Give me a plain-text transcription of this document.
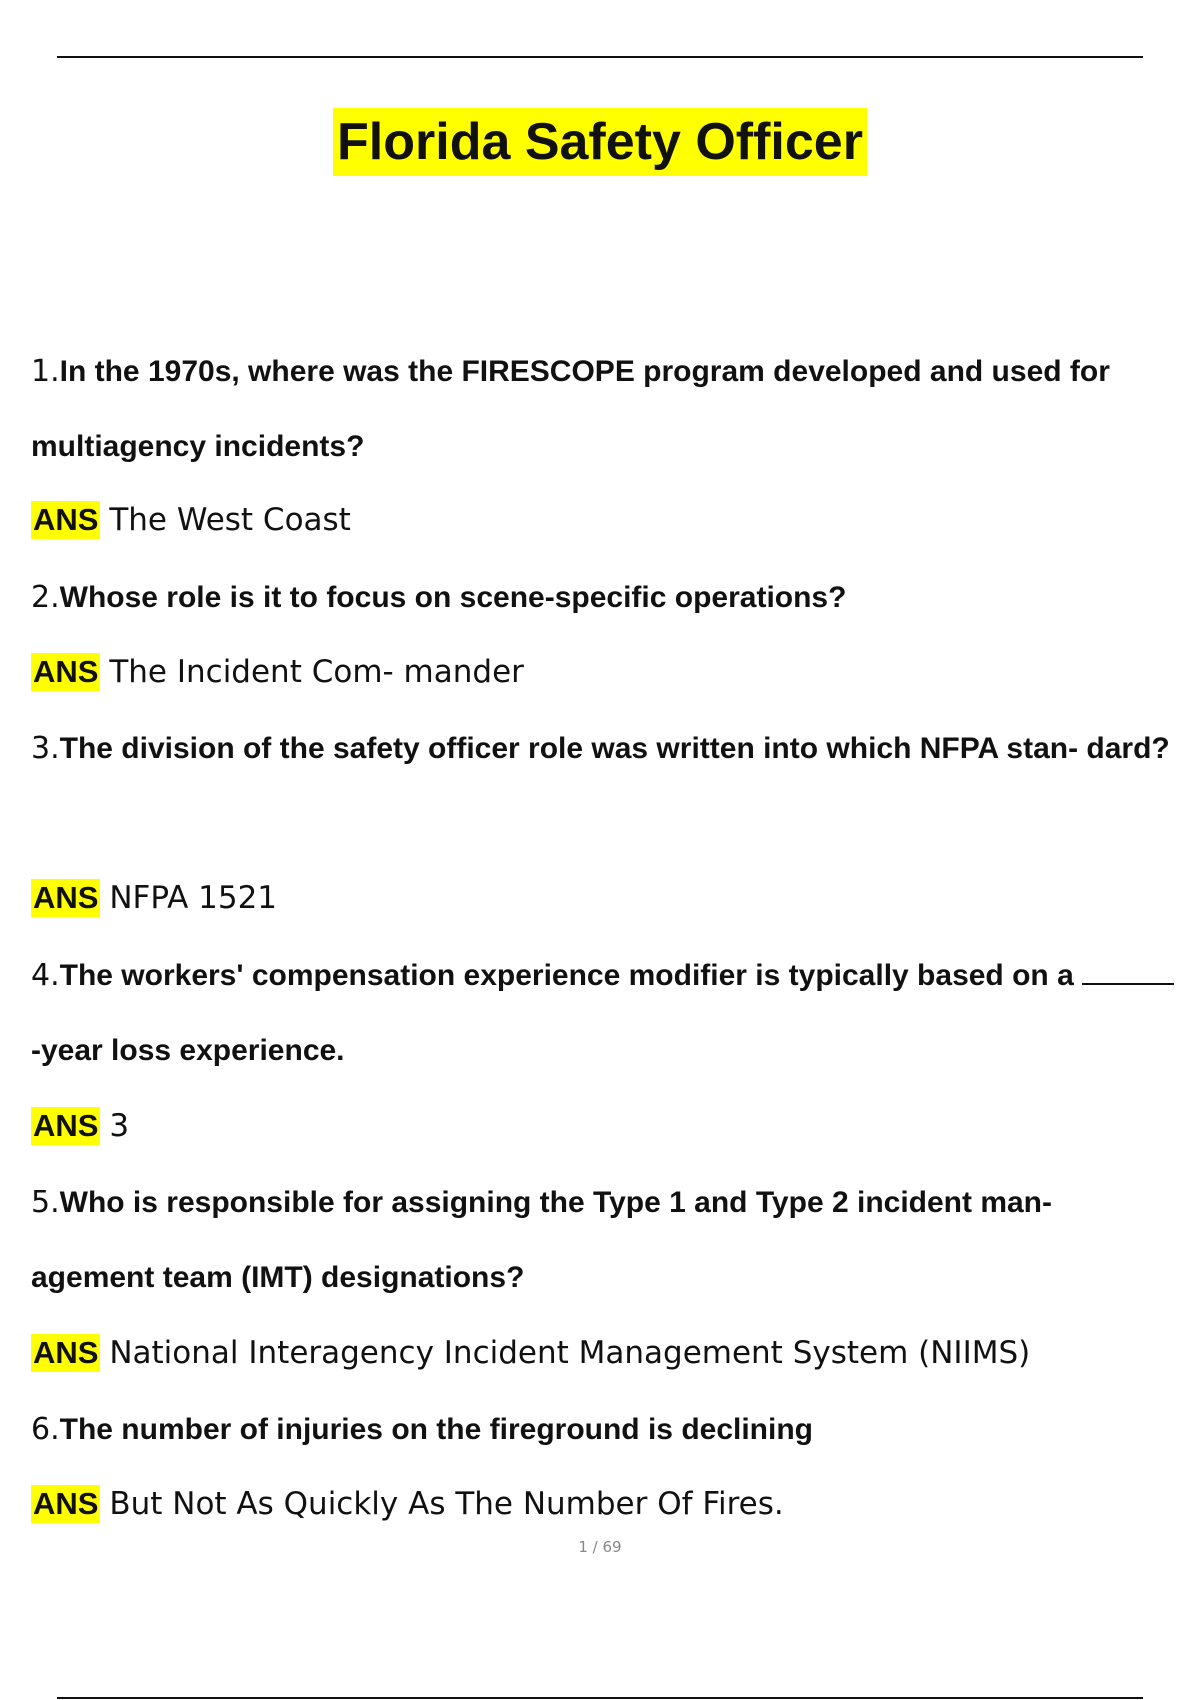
Florida Safety Officer

1.In the 1970s, where was the FIRESCOPE program developed and used for multiagency incidents?

ANS The West Coast

2.Whose role is it to focus on scene-specific operations?

ANS The Incident Com- mander

3.The division of the safety officer role was written into which NFPA stan- dard?

ANS NFPA 1521

4.The workers' compensation experience modifier is typically based on a -year loss experience.

ANS 3

5.Who is responsible for assigning the Type 1 and Type 2 incident man- agement team (IMT) designations?

ANS National Interagency Incident Management System (NIIMS)

6.The number of injuries on the fireground is declining

ANS But Not As Quickly As The Number Of Fires.

1 / 69
